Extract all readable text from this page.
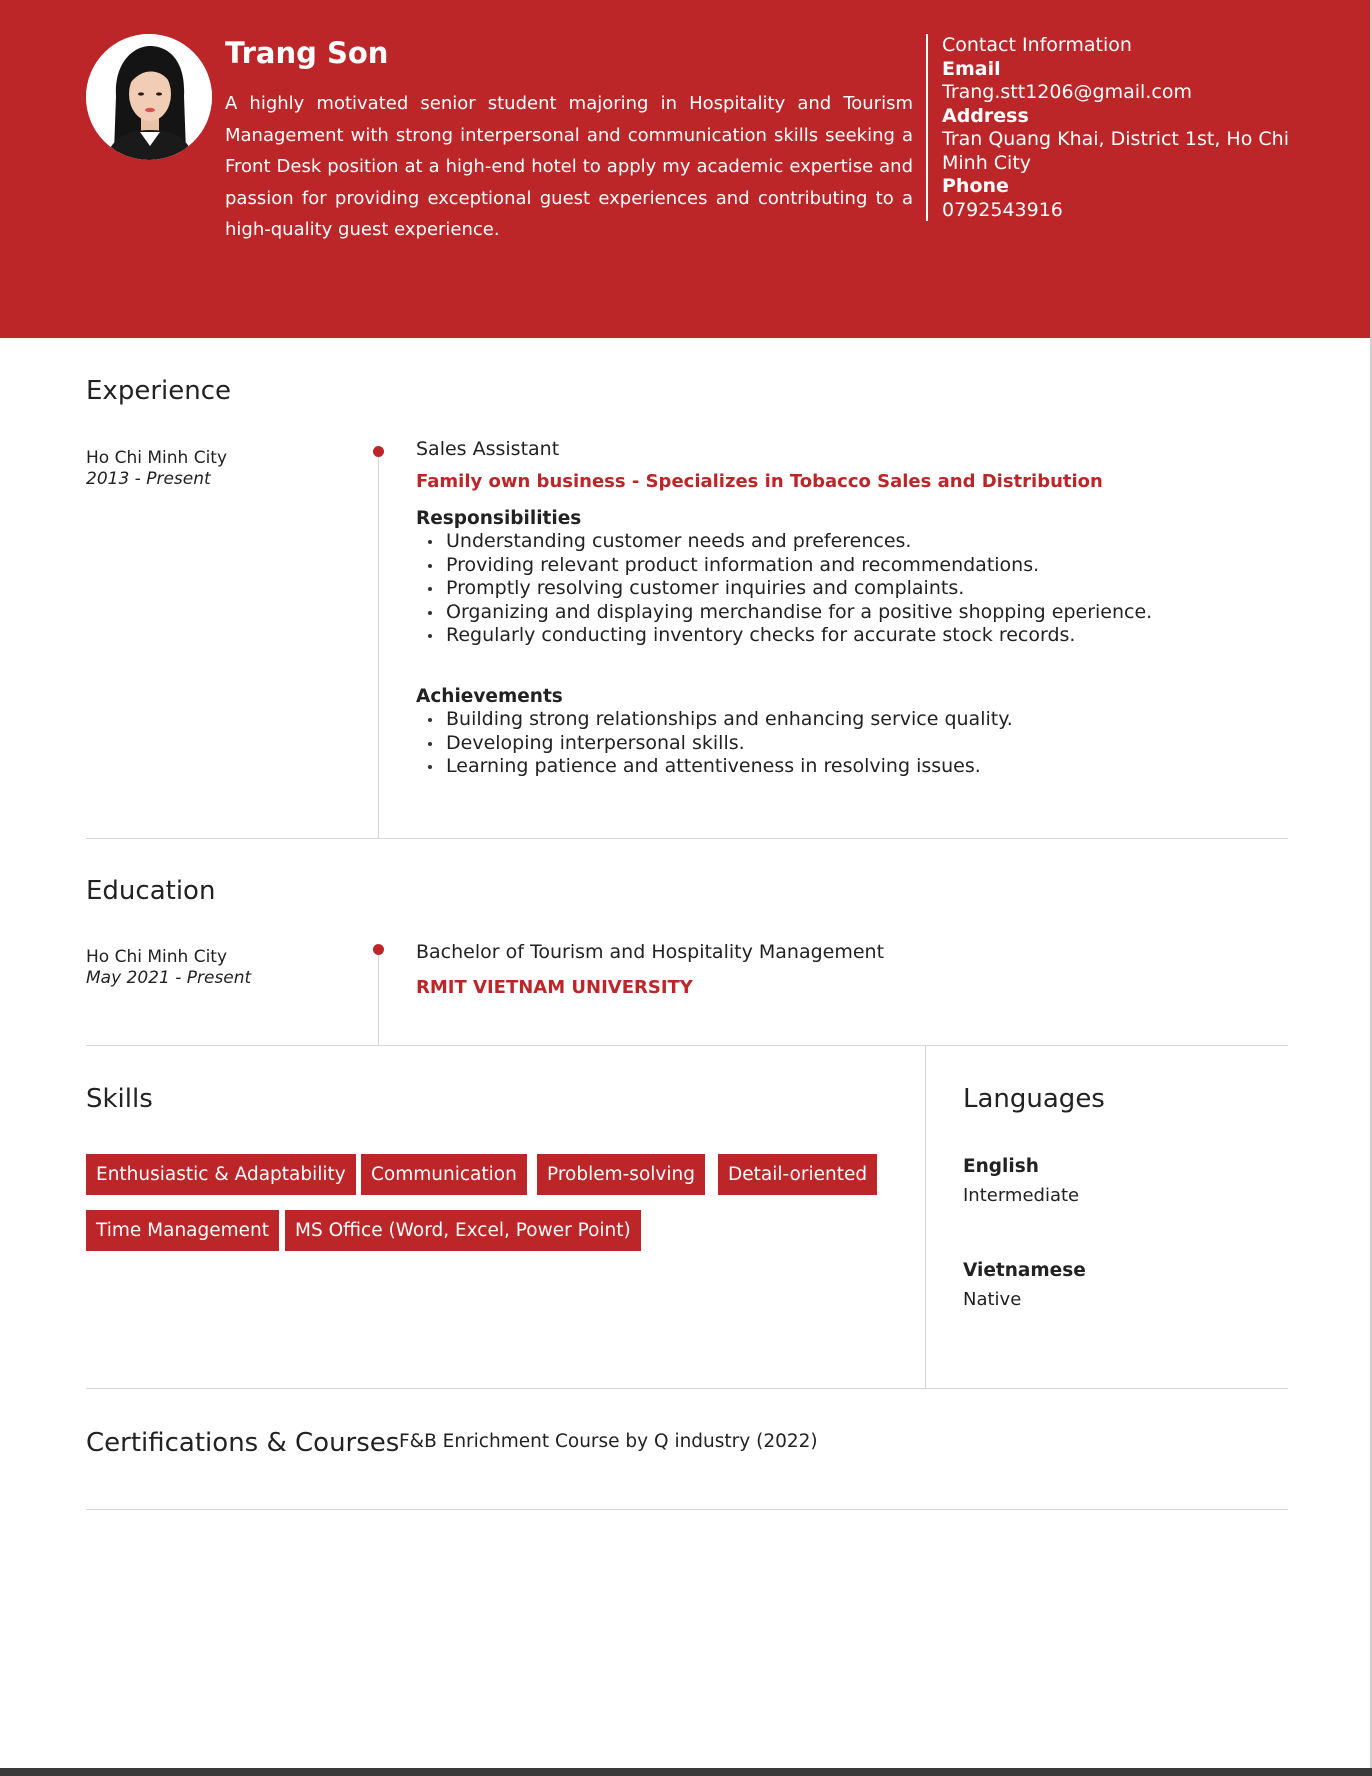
Trang Son

A highly motivated senior student majoring in Hospitality and Tourism Management with strong interpersonal and communication skills seeking a Front Desk position at a high-end hotel to apply my academic expertise and passion for providing exceptional guest experiences and contributing to a high-quality guest experience.

Contact Information
Email
Trang.stt1206@gmail.com
Address
Tran Quang Khai, District 1st, Ho Chi Minh City
Phone
0792543916
Experience
Ho Chi Minh City
2013 - Present
Sales Assistant
Family own business - Specializes in Tobacco Sales and Distribution
Responsibilities
Understanding customer needs and preferences.
Providing relevant product information and recommendations.
Promptly resolving customer inquiries and complaints.
Organizing and displaying merchandise for a positive shopping eperience.
Regularly conducting inventory checks for accurate stock records.
Achievements
Building strong relationships and enhancing service quality.
Developing interpersonal skills.
Learning patience and attentiveness in resolving issues.
Education
Ho Chi Minh City
May 2021 - Present
Bachelor of Tourism and Hospitality Management
RMIT VIETNAM UNIVERSITY
Skills
Enthusiastic & Adaptability	Communication	Problem-solving	Detail-oriented
Time Management	MS Office (Word, Excel, Power Point)
Languages
English
Intermediate
Vietnamese
Native
Certifications & Courses F&B Enrichment Course by Q industry (2022)
